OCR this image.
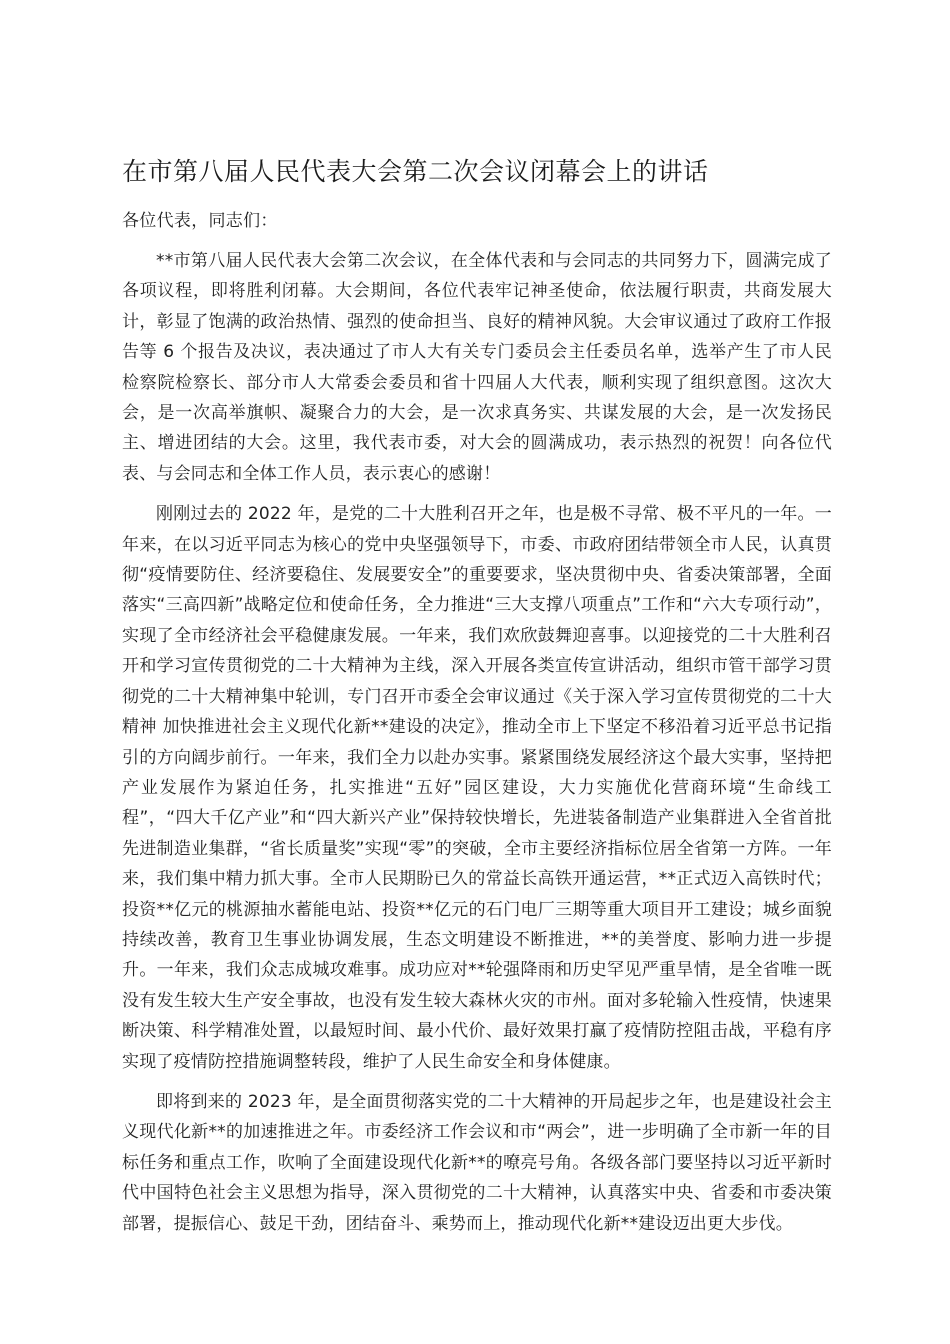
在市第八届人民代表大会第二次会议闭幕会上的讲话

各位代表，同志们：

**市第八届人民代表大会第二次会议，在全体代表和与会同志的共同努力下，圆满完成了各项议程，即将胜利闭幕。大会期间，各位代表牢记神圣使命，依法履行职责，共商发展大计，彰显了饱满的政治热情、强烈的使命担当、良好的精神风貌。大会审议通过了政府工作报告等 6 个报告及决议，表决通过了市人大有关专门委员会主任委员名单，选举产生了市人民检察院检察长、部分市人大常委会委员和省十四届人大代表，顺利实现了组织意图。这次大会，是一次高举旗帜、凝聚合力的大会，是一次求真务实、共谋发展的大会，是一次发扬民主、增进团结的大会。这里，我代表市委，对大会的圆满成功，表示热烈的祝贺！向各位代表、与会同志和全体工作人员，表示衷心的感谢！

刚刚过去的 2022 年，是党的二十大胜利召开之年，也是极不寻常、极不平凡的一年。一年来，在以习近平同志为核心的党中央坚强领导下，市委、市政府团结带领全市人民，认真贯彻“疫情要防住、经济要稳住、发展要安全”的重要要求，坚决贯彻中央、省委决策部署，全面落实“三高四新”战略定位和使命任务，全力推进“三大支撑八项重点”工作和“六大专项行动”，实现了全市经济社会平稳健康发展。一年来，我们欢欣鼓舞迎喜事。以迎接党的二十大胜利召开和学习宣传贯彻党的二十大精神为主线，深入开展各类宣传宣讲活动，组织市管干部学习贯彻党的二十大精神集中轮训，专门召开市委全会审议通过《关于深入学习宣传贯彻党的二十大精神 加快推进社会主义现代化新**建设的决定》，推动全市上下坚定不移沿着习近平总书记指引的方向阔步前行。一年来，我们全力以赴办实事。紧紧围绕发展经济这个最大实事，坚持把产业发展作为紧迫任务，扎实推进“五好”园区建设，大力实施优化营商环境“生命线工程”，“四大千亿产业”和“四大新兴产业”保持较快增长，先进装备制造产业集群进入全省首批先进制造业集群，“省长质量奖”实现“零”的突破，全市主要经济指标位居全省第一方阵。一年来，我们集中精力抓大事。全市人民期盼已久的常益长高铁开通运营，**正式迈入高铁时代；投资**亿元的桃源抽水蓄能电站、投资**亿元的石门电厂三期等重大项目开工建设；城乡面貌持续改善，教育卫生事业协调发展，生态文明建设不断推进，**的美誉度、影响力进一步提升。一年来，我们众志成城攻难事。成功应对**轮强降雨和历史罕见严重旱情，是全省唯一既没有发生较大生产安全事故，也没有发生较大森林火灾的市州。面对多轮输入性疫情，快速果断决策、科学精准处置，以最短时间、最小代价、最好效果打赢了疫情防控阻击战，平稳有序实现了疫情防控措施调整转段，维护了人民生命安全和身体健康。

即将到来的 2023 年，是全面贯彻落实党的二十大精神的开局起步之年，也是建设社会主义现代化新**的加速推进之年。市委经济工作会议和市“两会”，进一步明确了全市新一年的目标任务和重点工作，吹响了全面建设现代化新**的嘹亮号角。各级各部门要坚持以习近平新时代中国特色社会主义思想为指导，深入贯彻党的二十大精神，认真落实中央、省委和市委决策部署，提振信心、鼓足干劲，团结奋斗、乘势而上，推动现代化新**建设迈出更大步伐。
